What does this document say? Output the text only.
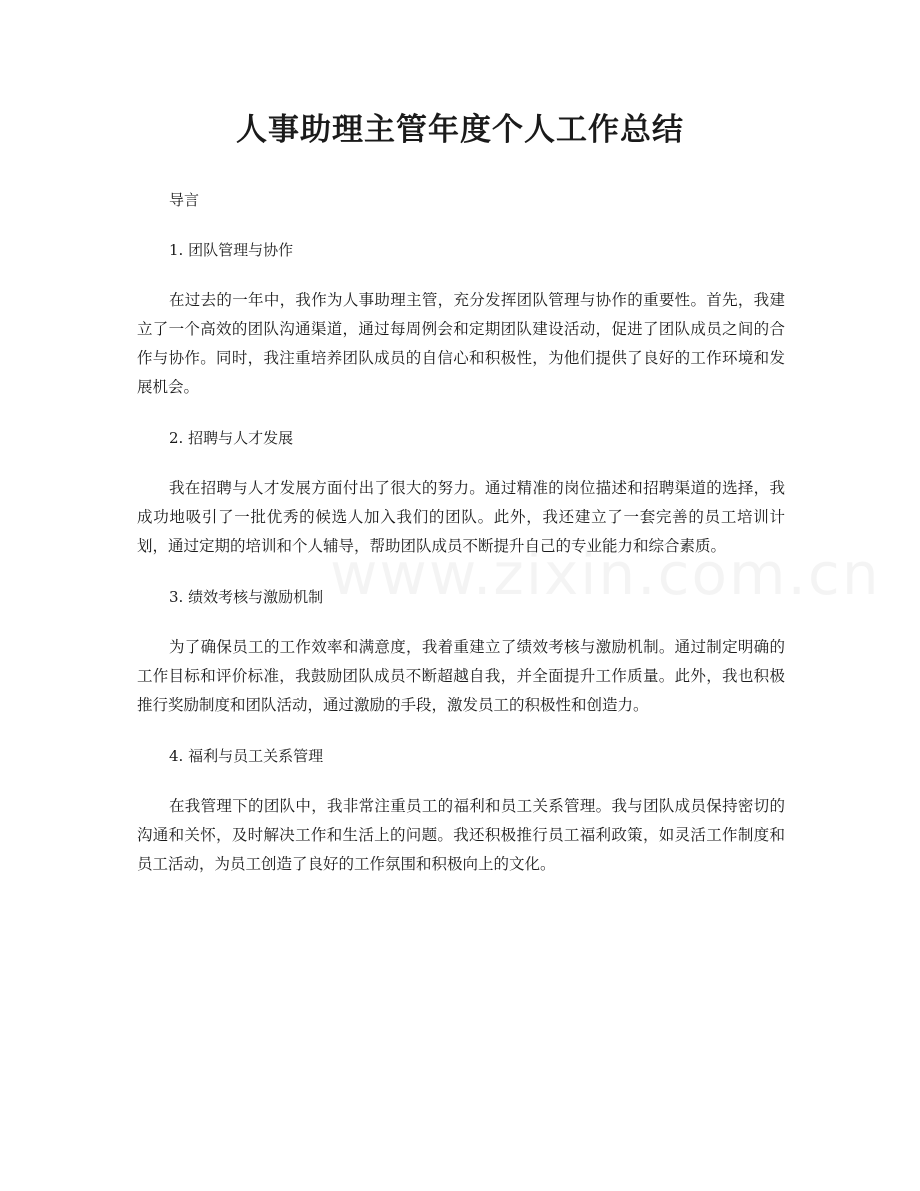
人事助理主管年度个人工作总结

导言

1. 团队管理与协作

在过去的一年中，我作为人事助理主管，充分发挥团队管理与协作的重要性。首先，我建立了一个高效的团队沟通渠道，通过每周例会和定期团队建设活动，促进了团队成员之间的合作与协作。同时，我注重培养团队成员的自信心和积极性，为他们提供了良好的工作环境和发展机会。

2. 招聘与人才发展

我在招聘与人才发展方面付出了很大的努力。通过精准的岗位描述和招聘渠道的选择，我成功地吸引了一批优秀的候选人加入我们的团队。此外，我还建立了一套完善的员工培训计划，通过定期的培训和个人辅导，帮助团队成员不断提升自己的专业能力和综合素质。

3. 绩效考核与激励机制

为了确保员工的工作效率和满意度，我着重建立了绩效考核与激励机制。通过制定明确的工作目标和评价标准，我鼓励团队成员不断超越自我，并全面提升工作质量。此外，我也积极推行奖励制度和团队活动，通过激励的手段，激发员工的积极性和创造力。

4. 福利与员工关系管理

在我管理下的团队中，我非常注重员工的福利和员工关系管理。我与团队成员保持密切的沟通和关怀，及时解决工作和生活上的问题。我还积极推行员工福利政策，如灵活工作制度和员工活动，为员工创造了良好的工作氛围和积极向上的文化。
